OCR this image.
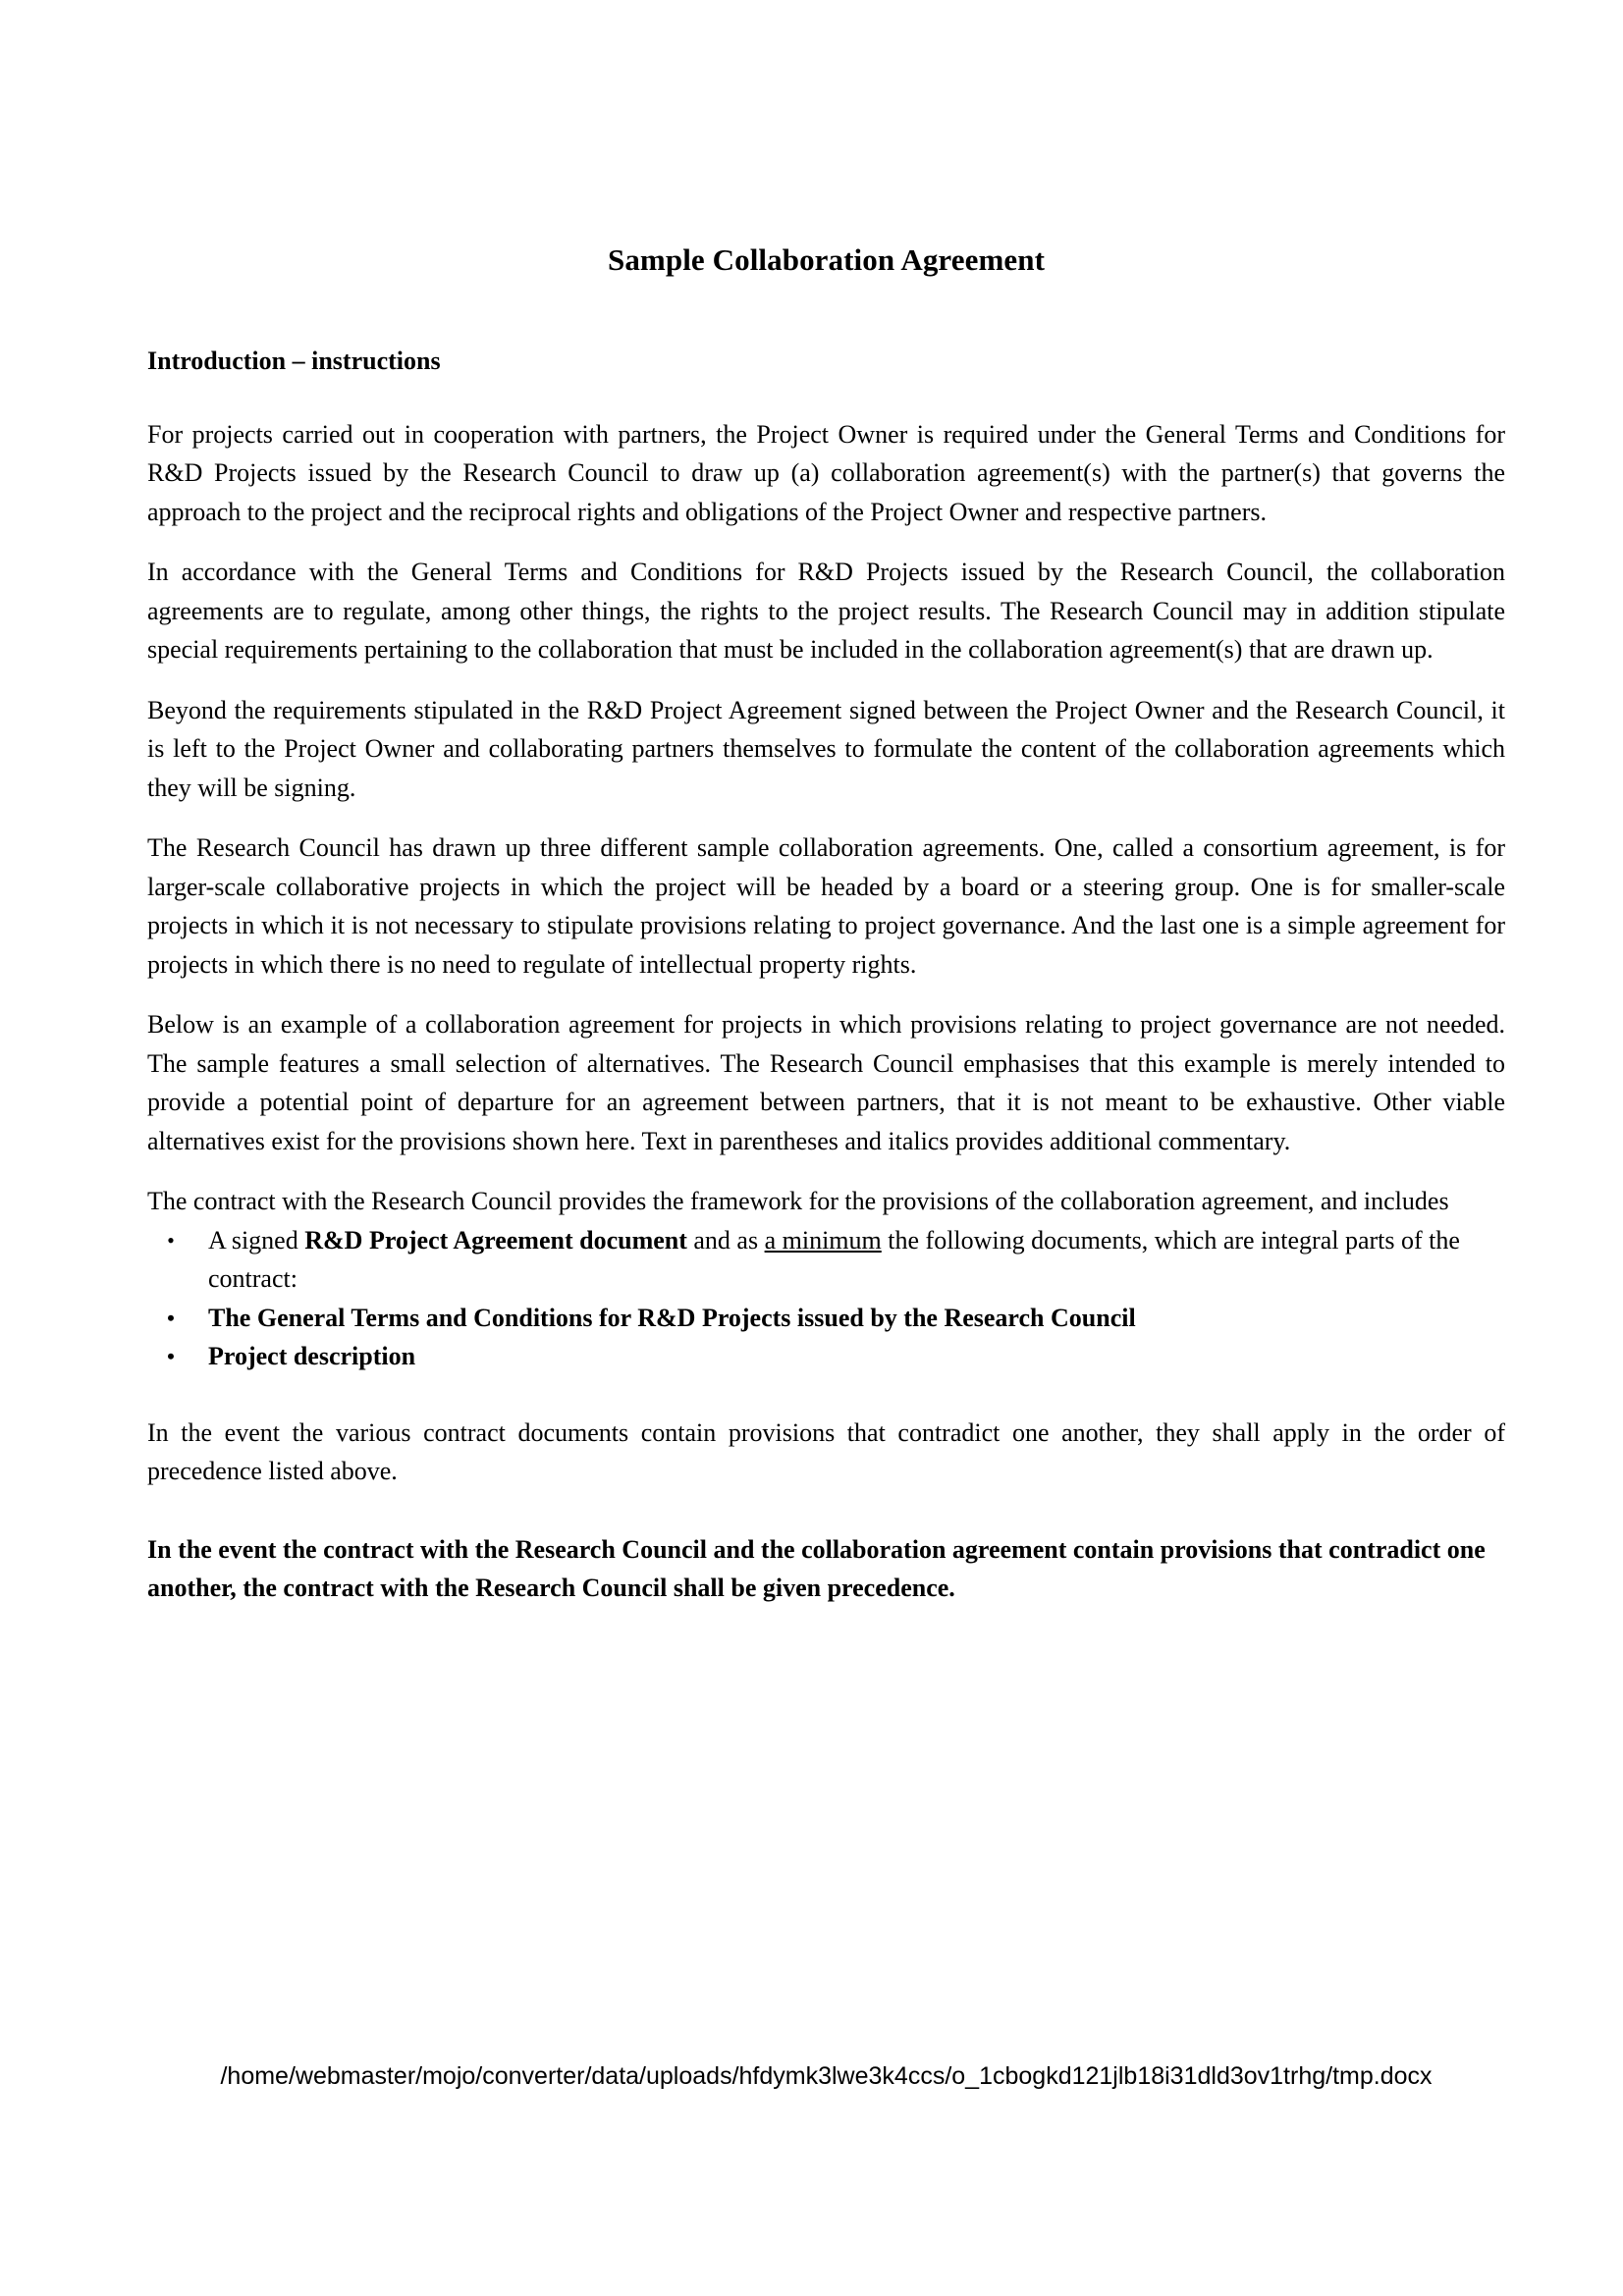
Sample Collaboration Agreement
Introduction – instructions

For projects carried out in cooperation with partners, the Project Owner is required under the General Terms and Conditions for R&D Projects issued by the Research Council to draw up (a) collaboration agreement(s) with the partner(s) that governs the approach to the project and the reciprocal rights and obligations of the Project Owner and respective partners.

In accordance with the General Terms and Conditions for R&D Projects issued by the Research Council, the collaboration agreements are to regulate, among other things, the rights to the project results. The Research Council may in addition stipulate special requirements pertaining to the collaboration that must be included in the collaboration agreement(s) that are drawn up.

Beyond the requirements stipulated in the R&D Project Agreement signed between the Project Owner and the Research Council, it is left to the Project Owner and collaborating partners themselves to formulate the content of the collaboration agreements which they will be signing.

The Research Council has drawn up three different sample collaboration agreements. One, called a consortium agreement, is for larger-scale collaborative projects in which the project will be headed by a board or a steering group. One is for smaller-scale projects in which it is not necessary to stipulate provisions relating to project governance. And the last one is a simple agreement for projects in which there is no need to regulate of intellectual property rights.

Below is an example of a collaboration agreement for projects in which provisions relating to project governance are not needed. The sample features a small selection of alternatives. The Research Council emphasises that this example is merely intended to provide a potential point of departure for an agreement between partners, that it is not meant to be exhaustive. Other viable alternatives exist for the provisions shown here. Text in parentheses and italics provides additional commentary.

The contract with the Research Council provides the framework for the provisions of the collaboration agreement, and includes

• A signed R&D Project Agreement document and as a minimum the following documents, which are integral parts of the contract:
• The General Terms and Conditions for R&D Projects issued by the Research Council
• Project description

In the event the various contract documents contain provisions that contradict one another, they shall apply in the order of precedence listed above.

In the event the contract with the Research Council and the collaboration agreement contain provisions that contradict one another, the contract with the Research Council shall be given precedence.

/home/webmaster/mojo/converter/data/uploads/hfdymk3lwe3k4ccs/o_1cbogkd121jlb18i31dld3ov1trhg/tmp.docx
